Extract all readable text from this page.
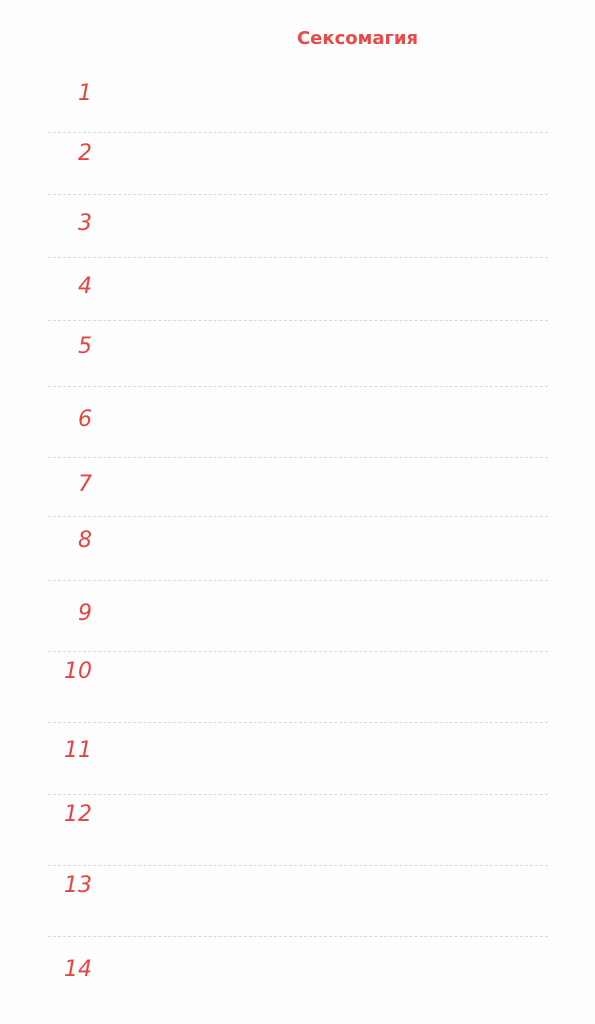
Сексомагия
1
2
3
4
5
6
7
8
9
10
11
12
13
14
